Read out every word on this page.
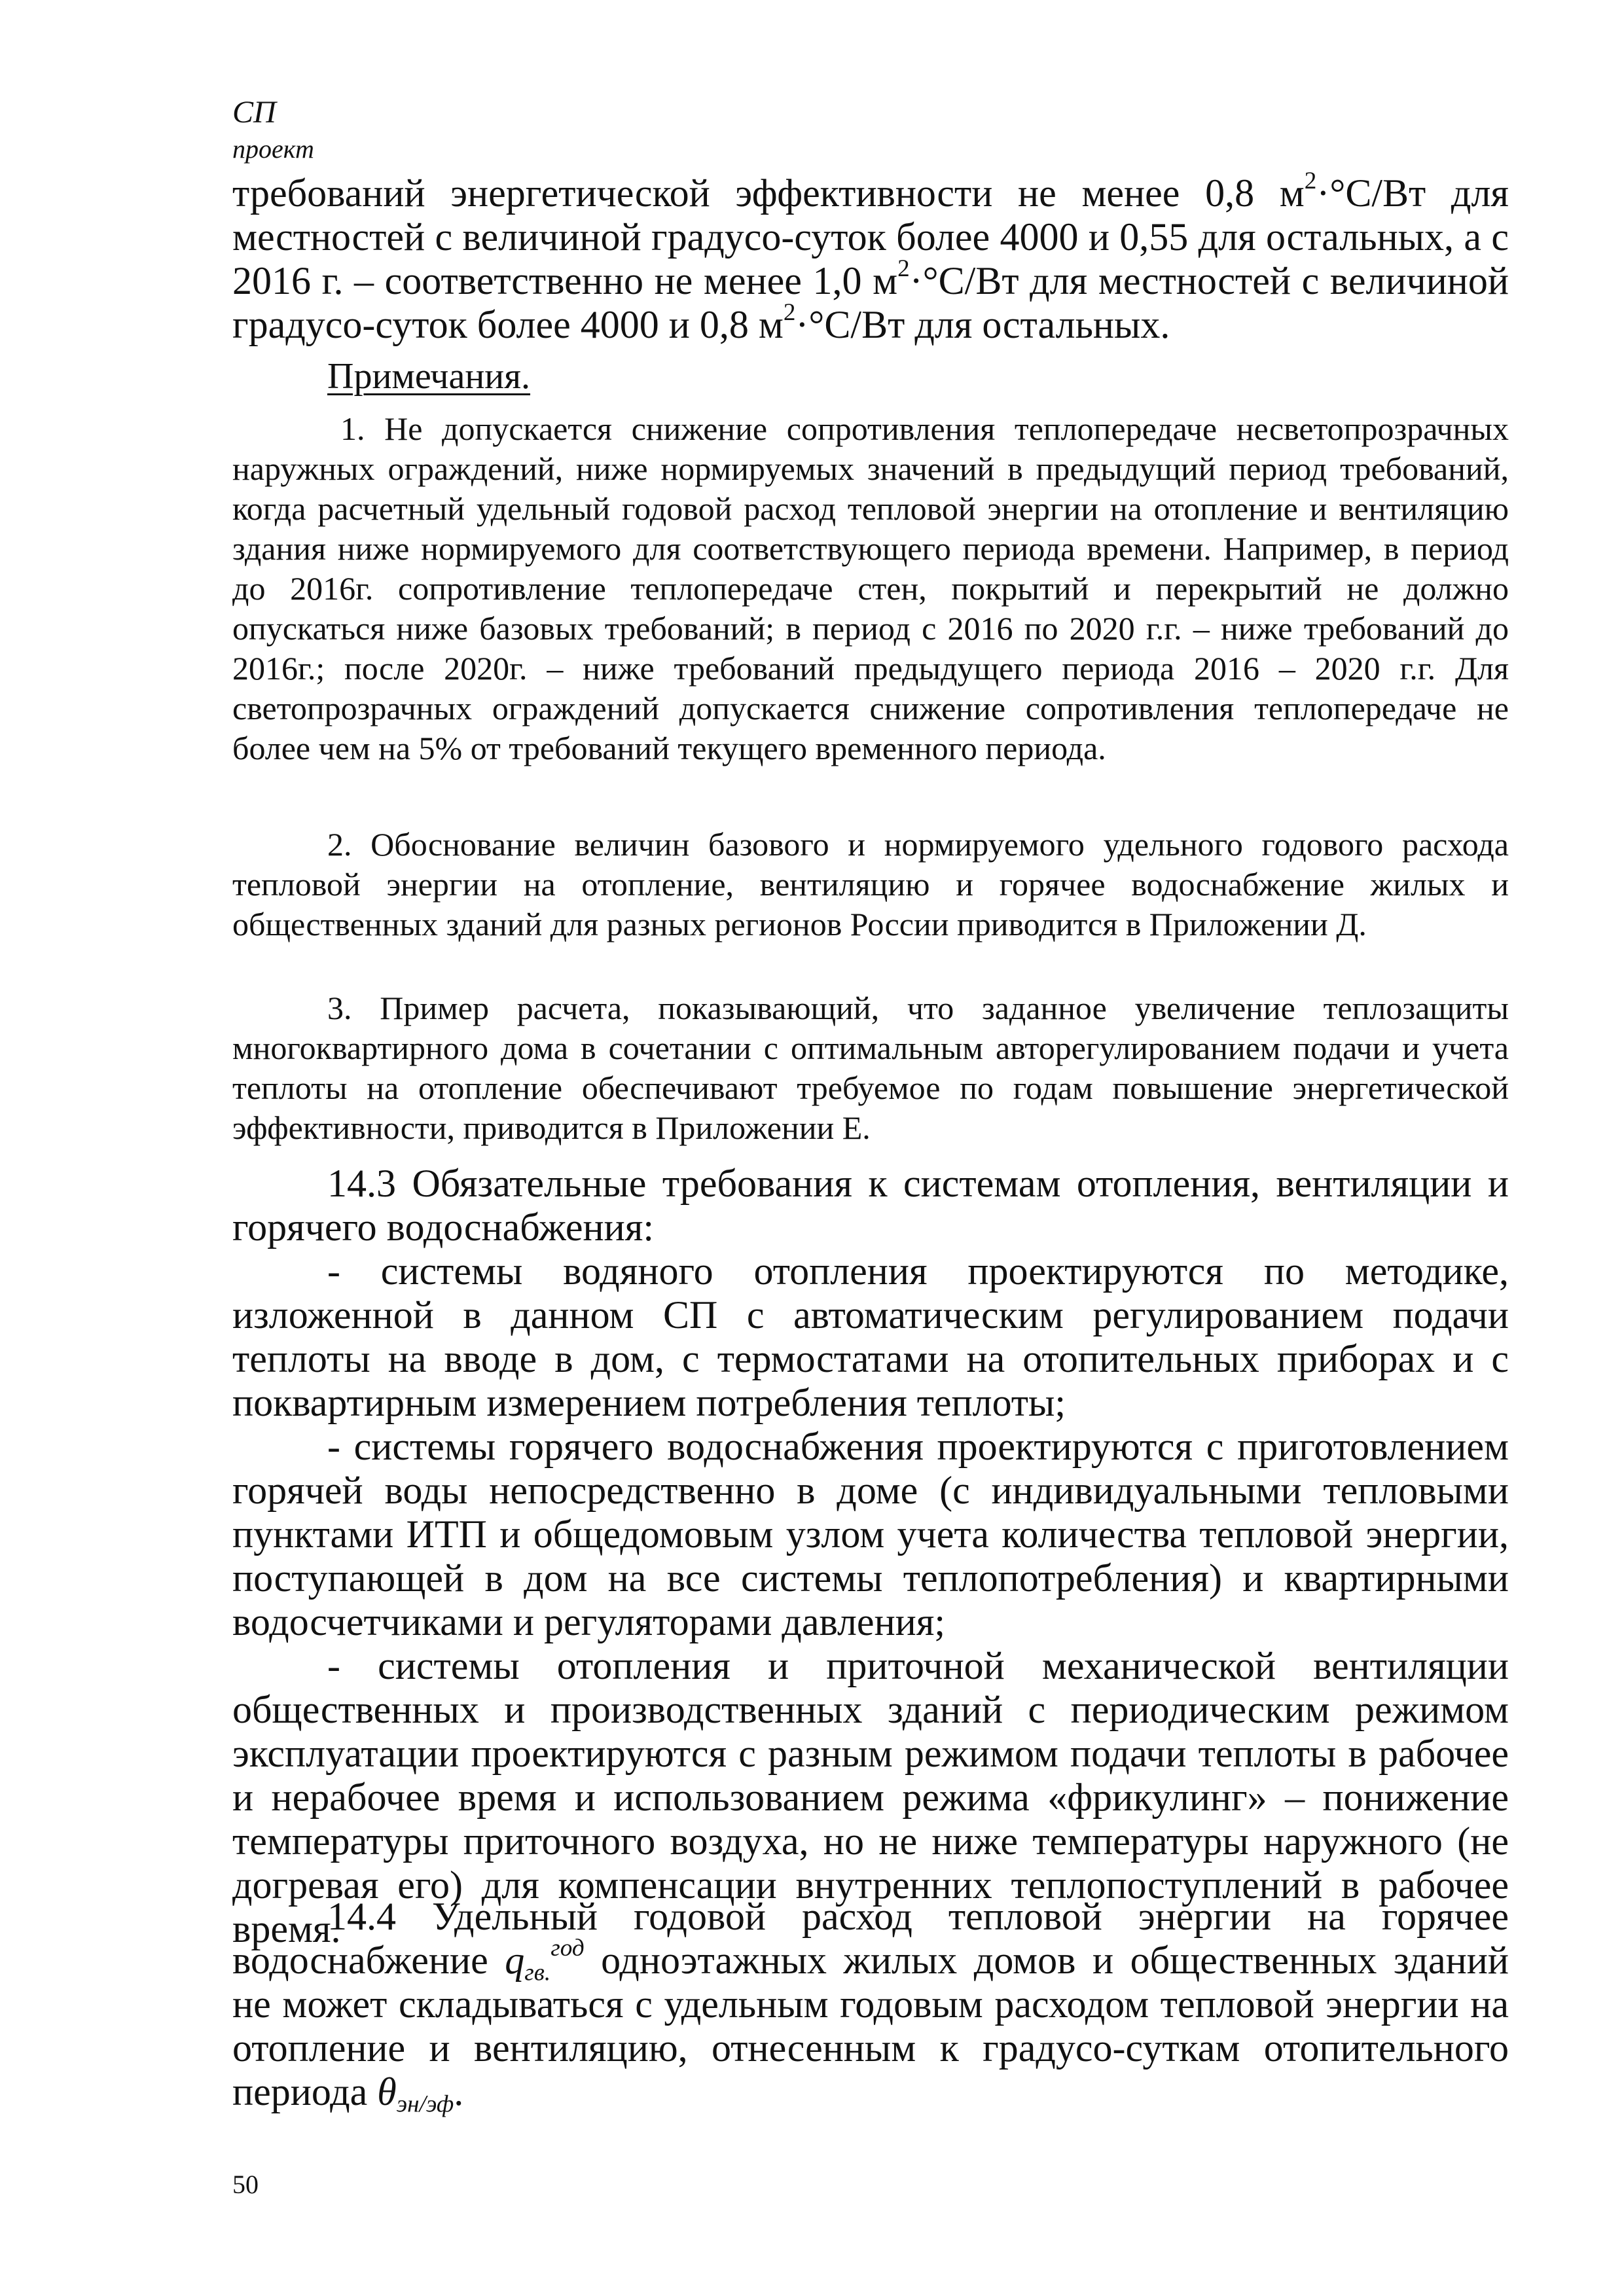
СП
проект

требований энергетической эффективности не менее 0,8 $м^2\cdot^\circ С/Вт$ для местностей с величиной градусо-суток более 4000 и 0,55 для остальных, а с 2016 г. – соответственно не менее 1,0 $м^2\cdot^\circ С/Вт$ для местностей с величиной градусо-суток более 4000 и 0,8 $м^2\cdot^\circ С/Вт$ для остальных.

Примечания.

1. Не допускается снижение сопротивления теплопередаче несветопрозрачных наружных ограждений, ниже нормируемых значений в предыдущий период требований, когда расчетный удельный годовой расход тепловой энергии на отопление и вентиляцию здания ниже нормируемого для соответствующего периода времени. Например, в период до 2016г. сопротивление теплопередаче стен, покрытий и перекрытий не должно опускаться ниже базовых требований; в период с 2016 по 2020 г.г. – ниже требований до 2016г.; после 2020г. – ниже требований предыдущего периода 2016 – 2020 г.г. Для светопрозрачных ограждений допускается снижение сопротивления теплопередаче не более чем на 5% от требований текущего временного периода.

2. Обоснование величин базового и нормируемого удельного годового расхода тепловой энергии на отопление, вентиляцию и горячее водоснабжение жилых и общественных зданий для разных регионов России приводится в Приложении Д.

3. Пример расчета, показывающий, что заданное увеличение теплозащиты многоквартирного дома в сочетании с оптимальным авторегулированием подачи и учета теплоты на отопление обеспечивают требуемое по годам повышение энергетической эффективности, приводится в Приложении Е.

14.3 Обязательные требования к системам отопления, вентиляции и горячего водоснабжения:

- системы водяного отопления проектируются по методике, изложенной в данном СП с автоматическим регулированием подачи теплоты на вводе в дом, с термостатами на отопительных приборах и с поквартирным измерением потребления теплоты;

- системы горячего водоснабжения проектируются с приготовлением горячей воды непосредственно в доме (с индивидуальными тепловыми пунктами ИТП и общедомовым узлом учета количества тепловой энергии, поступающей в дом на все системы теплопотребления) и квартирными водосчетчиками и регуляторами давления;

- системы отопления и приточной механической вентиляции общественных и производственных зданий с периодическим режимом эксплуатации проектируются с разным режимом подачи теплоты в рабочее и нерабочее время и использованием режима «фрикулинг» – понижение температуры приточного воздуха, но не ниже температуры наружного (не догревая его) для компенсации внутренних теплопоступлений в рабочее время.

14.4 Удельный годовой расход тепловой энергии на горячее водоснабжение $q_{гв.}^{год}$ одноэтажных жилых домов и общественных зданий не может складываться с удельным годовым расходом тепловой энергии на отопление и вентиляцию, отнесенным к градусо-суткам отопительного периода $\theta_{эн/эф}$.

50
